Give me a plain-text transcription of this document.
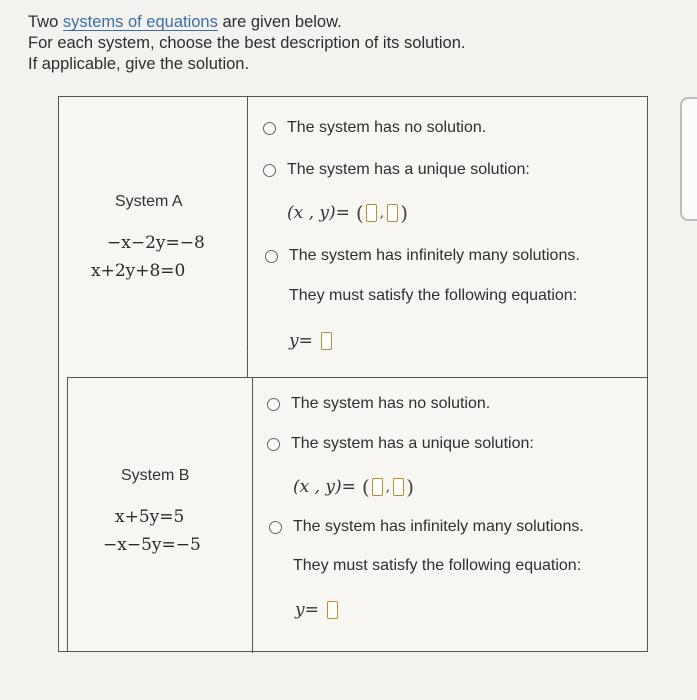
Two systems of equations are given below.
For each system, choose the best description of its solution.
If applicable, give the solution.
System A
−x−2y=−8
x+2y+8=0
The system has no solution.
The system has a unique solution:
(x , y)= ( , )
The system has infinitely many solutions.
They must satisfy the following equation:
y=
·
System B
x+5y=5
−x−5y=−5
The system has no solution.
The system has a unique solution:
(x , y)= ( , )
The system has infinitely many solutions.
They must satisfy the following equation:
y=
